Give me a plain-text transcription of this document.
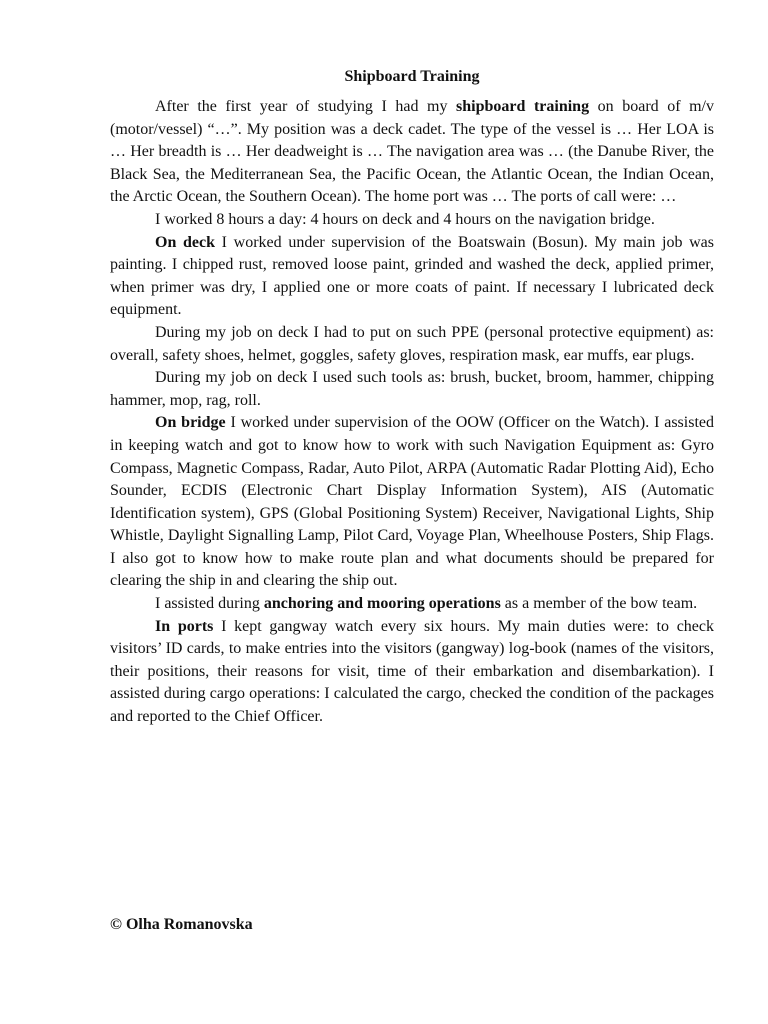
Shipboard Training

After the first year of studying I had my shipboard training on board of m/v (motor/vessel) “…”. My position was a deck cadet. The type of the vessel is … Her LOA is … Her breadth is … Her deadweight is … The navigation area was … (the Danube River, the Black Sea, the Mediterranean Sea, the Pacific Ocean, the Atlantic Ocean, the Indian Ocean, the Arctic Ocean, the Southern Ocean). The home port was … The ports of call were: …

I worked 8 hours a day: 4 hours on deck and 4 hours on the navigation bridge.

On deck I worked under supervision of the Boatswain (Bosun). My main job was painting. I chipped rust, removed loose paint, grinded and washed the deck, applied primer, when primer was dry, I applied one or more coats of paint. If necessary I lubricated deck equipment.

During my job on deck I had to put on such PPE (personal protective equipment) as: overall, safety shoes, helmet, goggles, safety gloves, respiration mask, ear muffs, ear plugs.

During my job on deck I used such tools as: brush, bucket, broom, hammer, chipping hammer, mop, rag, roll.

On bridge I worked under supervision of the OOW (Officer on the Watch). I assisted in keeping watch and got to know how to work with such Navigation Equipment as: Gyro Compass, Magnetic Compass, Radar, Auto Pilot, ARPA (Automatic Radar Plotting Aid), Echo Sounder, ECDIS (Electronic Chart Display Information System), AIS (Automatic Identification system), GPS (Global Positioning System) Receiver, Navigational Lights, Ship Whistle, Daylight Signalling Lamp, Pilot Card, Voyage Plan, Wheelhouse Posters, Ship Flags. I also got to know how to make route plan and what documents should be prepared for clearing the ship in and clearing the ship out.

I assisted during anchoring and mooring operations as a member of the bow team.

In ports I kept gangway watch every six hours. My main duties were: to check visitors’ ID cards, to make entries into the visitors (gangway) log-book (names of the visitors, their positions, their reasons for visit, time of their embarkation and disembarkation). I assisted during cargo operations: I calculated the cargo, checked the condition of the packages and reported to the Chief Officer.

© Olha Romanovska
